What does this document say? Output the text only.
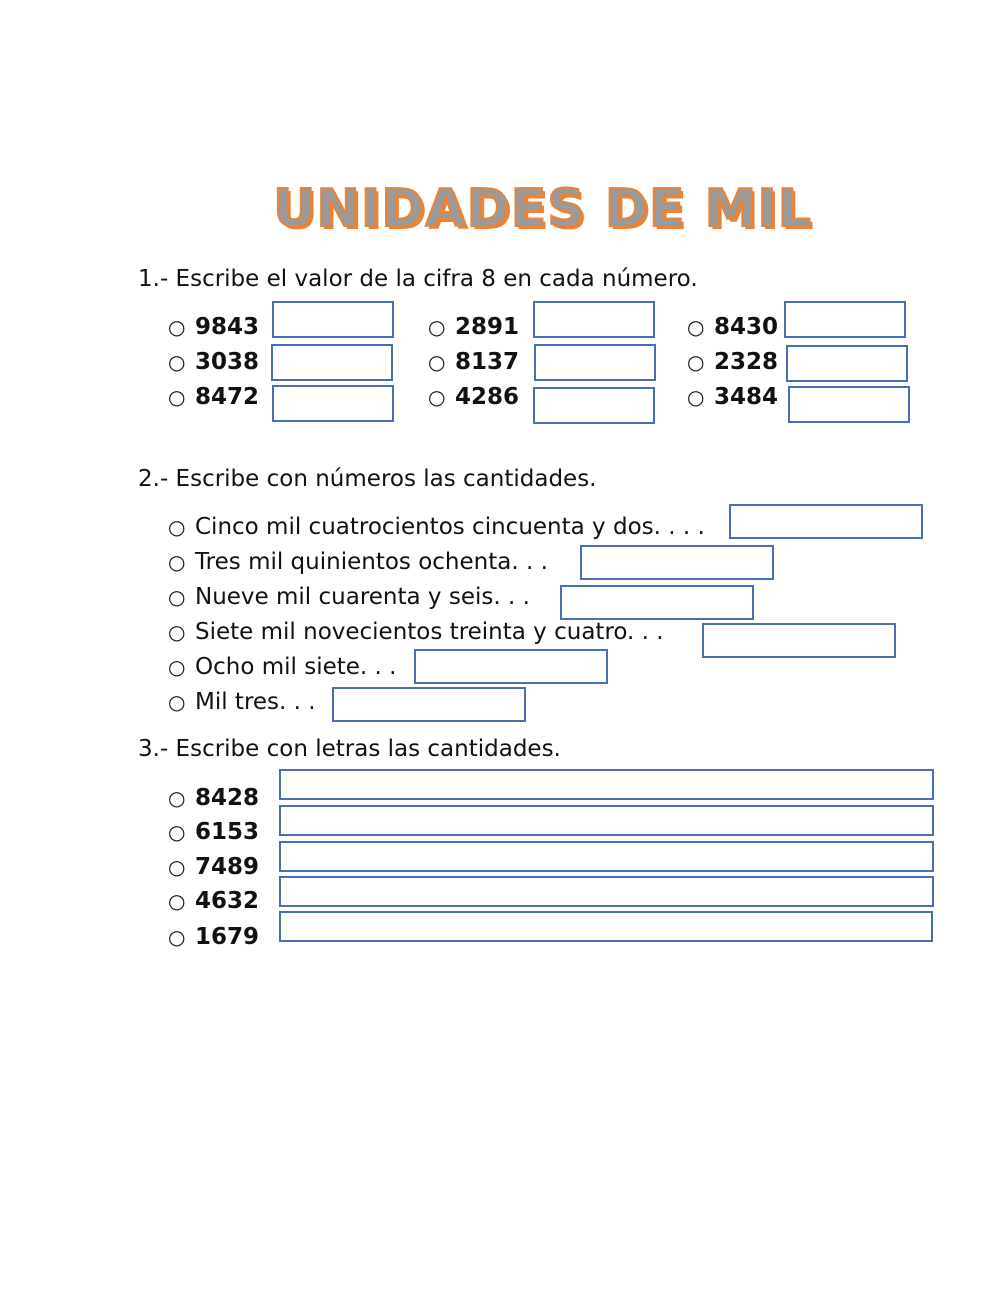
UNIDADES DE MIL
1.- Escribe el valor de la cifra 8 en cada número.
○ 9843	○ 2891	○ 8430
○ 3038	○ 8137	○ 2328
○ 8472	○ 4286	○ 3484
2.- Escribe con números las cantidades.
○ Cinco mil cuatrocientos cincuenta y dos. . . .
○ Tres mil quinientos ochenta. . .
○ Nueve mil cuarenta y seis. . .
○ Siete mil novecientos treinta y cuatro. . .
○ Ocho mil siete. . .
○ Mil tres. . .
3.- Escribe con letras las cantidades.
○ 8428
○ 6153
○ 7489
○ 4632
○ 1679
